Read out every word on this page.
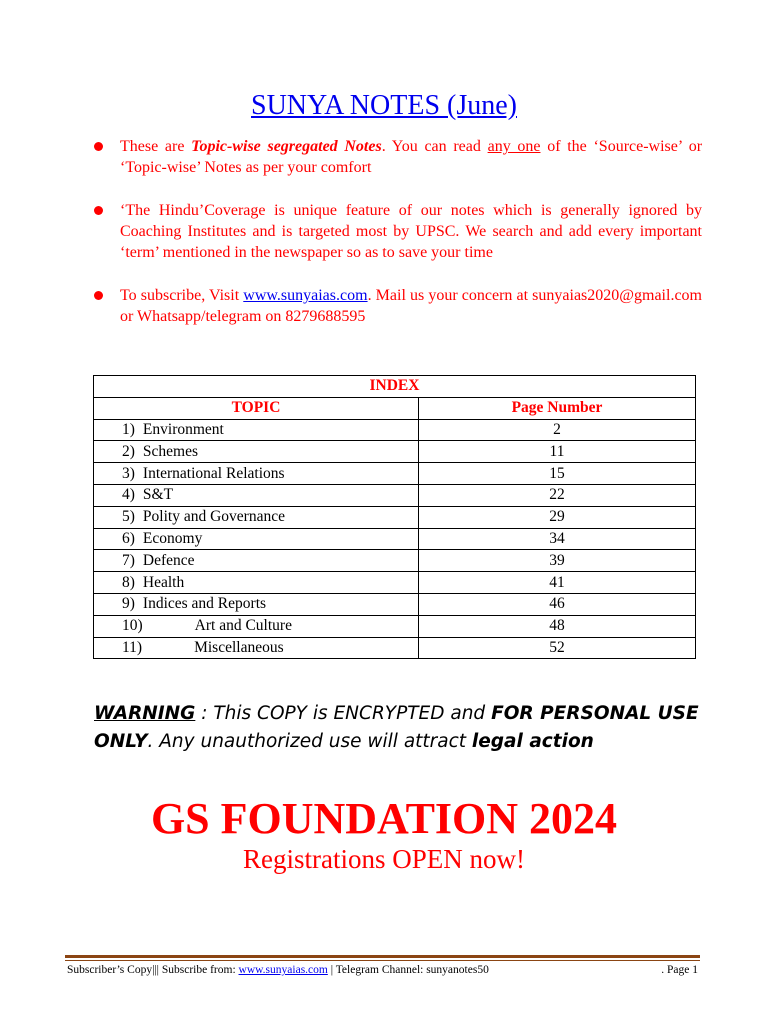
SUNYA NOTES (June)
These are Topic-wise segregated Notes. You can read any one of the ‘Source-wise’ or ‘Topic-wise’ Notes as per your comfort
‘The Hindu’Coverage is unique feature of our notes which is generally ignored by Coaching Institutes and is targeted most by UPSC. We search and add every important ‘term’ mentioned in the newspaper so as to save your time
To subscribe, Visit www.sunyaias.com. Mail us your concern at sunyaias2020@gmail.com or Whatsapp/telegram on 8279688595
INDEX	
TOPIC	Page Number
1) Environment	2
2) Schemes	11
3) International Relations	15
4) S&T	22
5) Polity and Governance	29
6) Economy	34
7) Defence	39
8) Health	41
9) Indices and Reports	46
10) Art and Culture	48
11) Miscellaneous	52
WARNING : This COPY is ENCRYPTED and FOR PERSONAL USE ONLY. Any unauthorized use will attract legal action
GS FOUNDATION 2024
Registrations OPEN now!
Subscriber’s Copy||| Subscribe from: www.sunyaias.com | Telegram Channel: sunyanotes50	. Page 1
